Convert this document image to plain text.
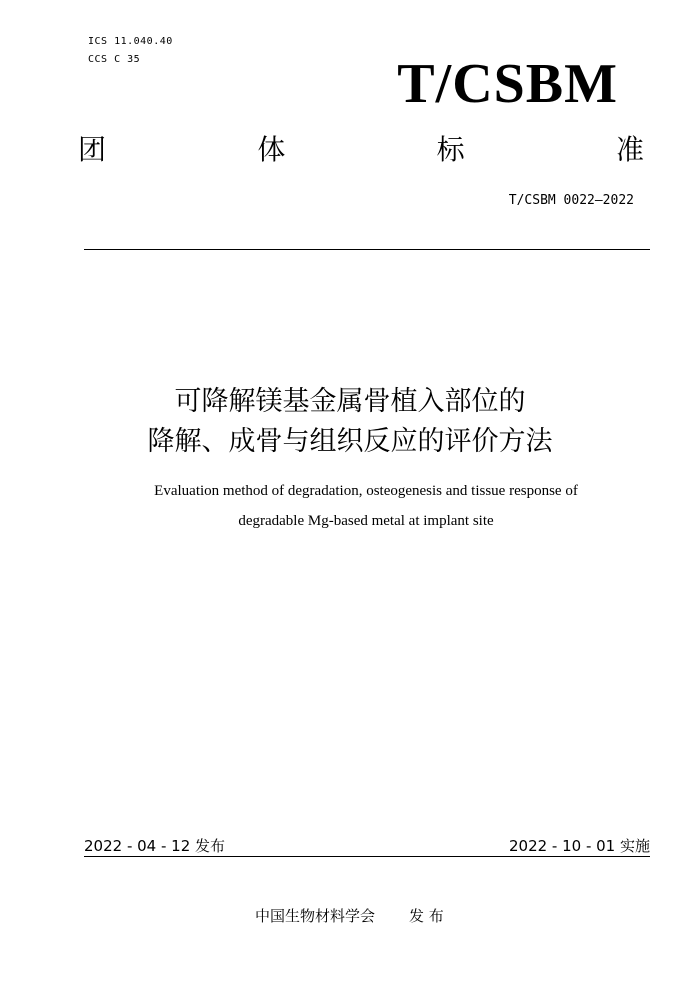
ICS 11.040.40
CCS C 35	T/CSBM
团	体	标	准
T/CSBM 0022—2022
可降解镁基金属骨植入部位的
降解、成骨与组织反应的评价方法
Evaluation method of degradation, osteogenesis and tissue response of
degradable Mg-based metal at implant site
2022 - 04 - 12 发布	2022 - 10 - 01 实施
中国生物材料学会 发 布
